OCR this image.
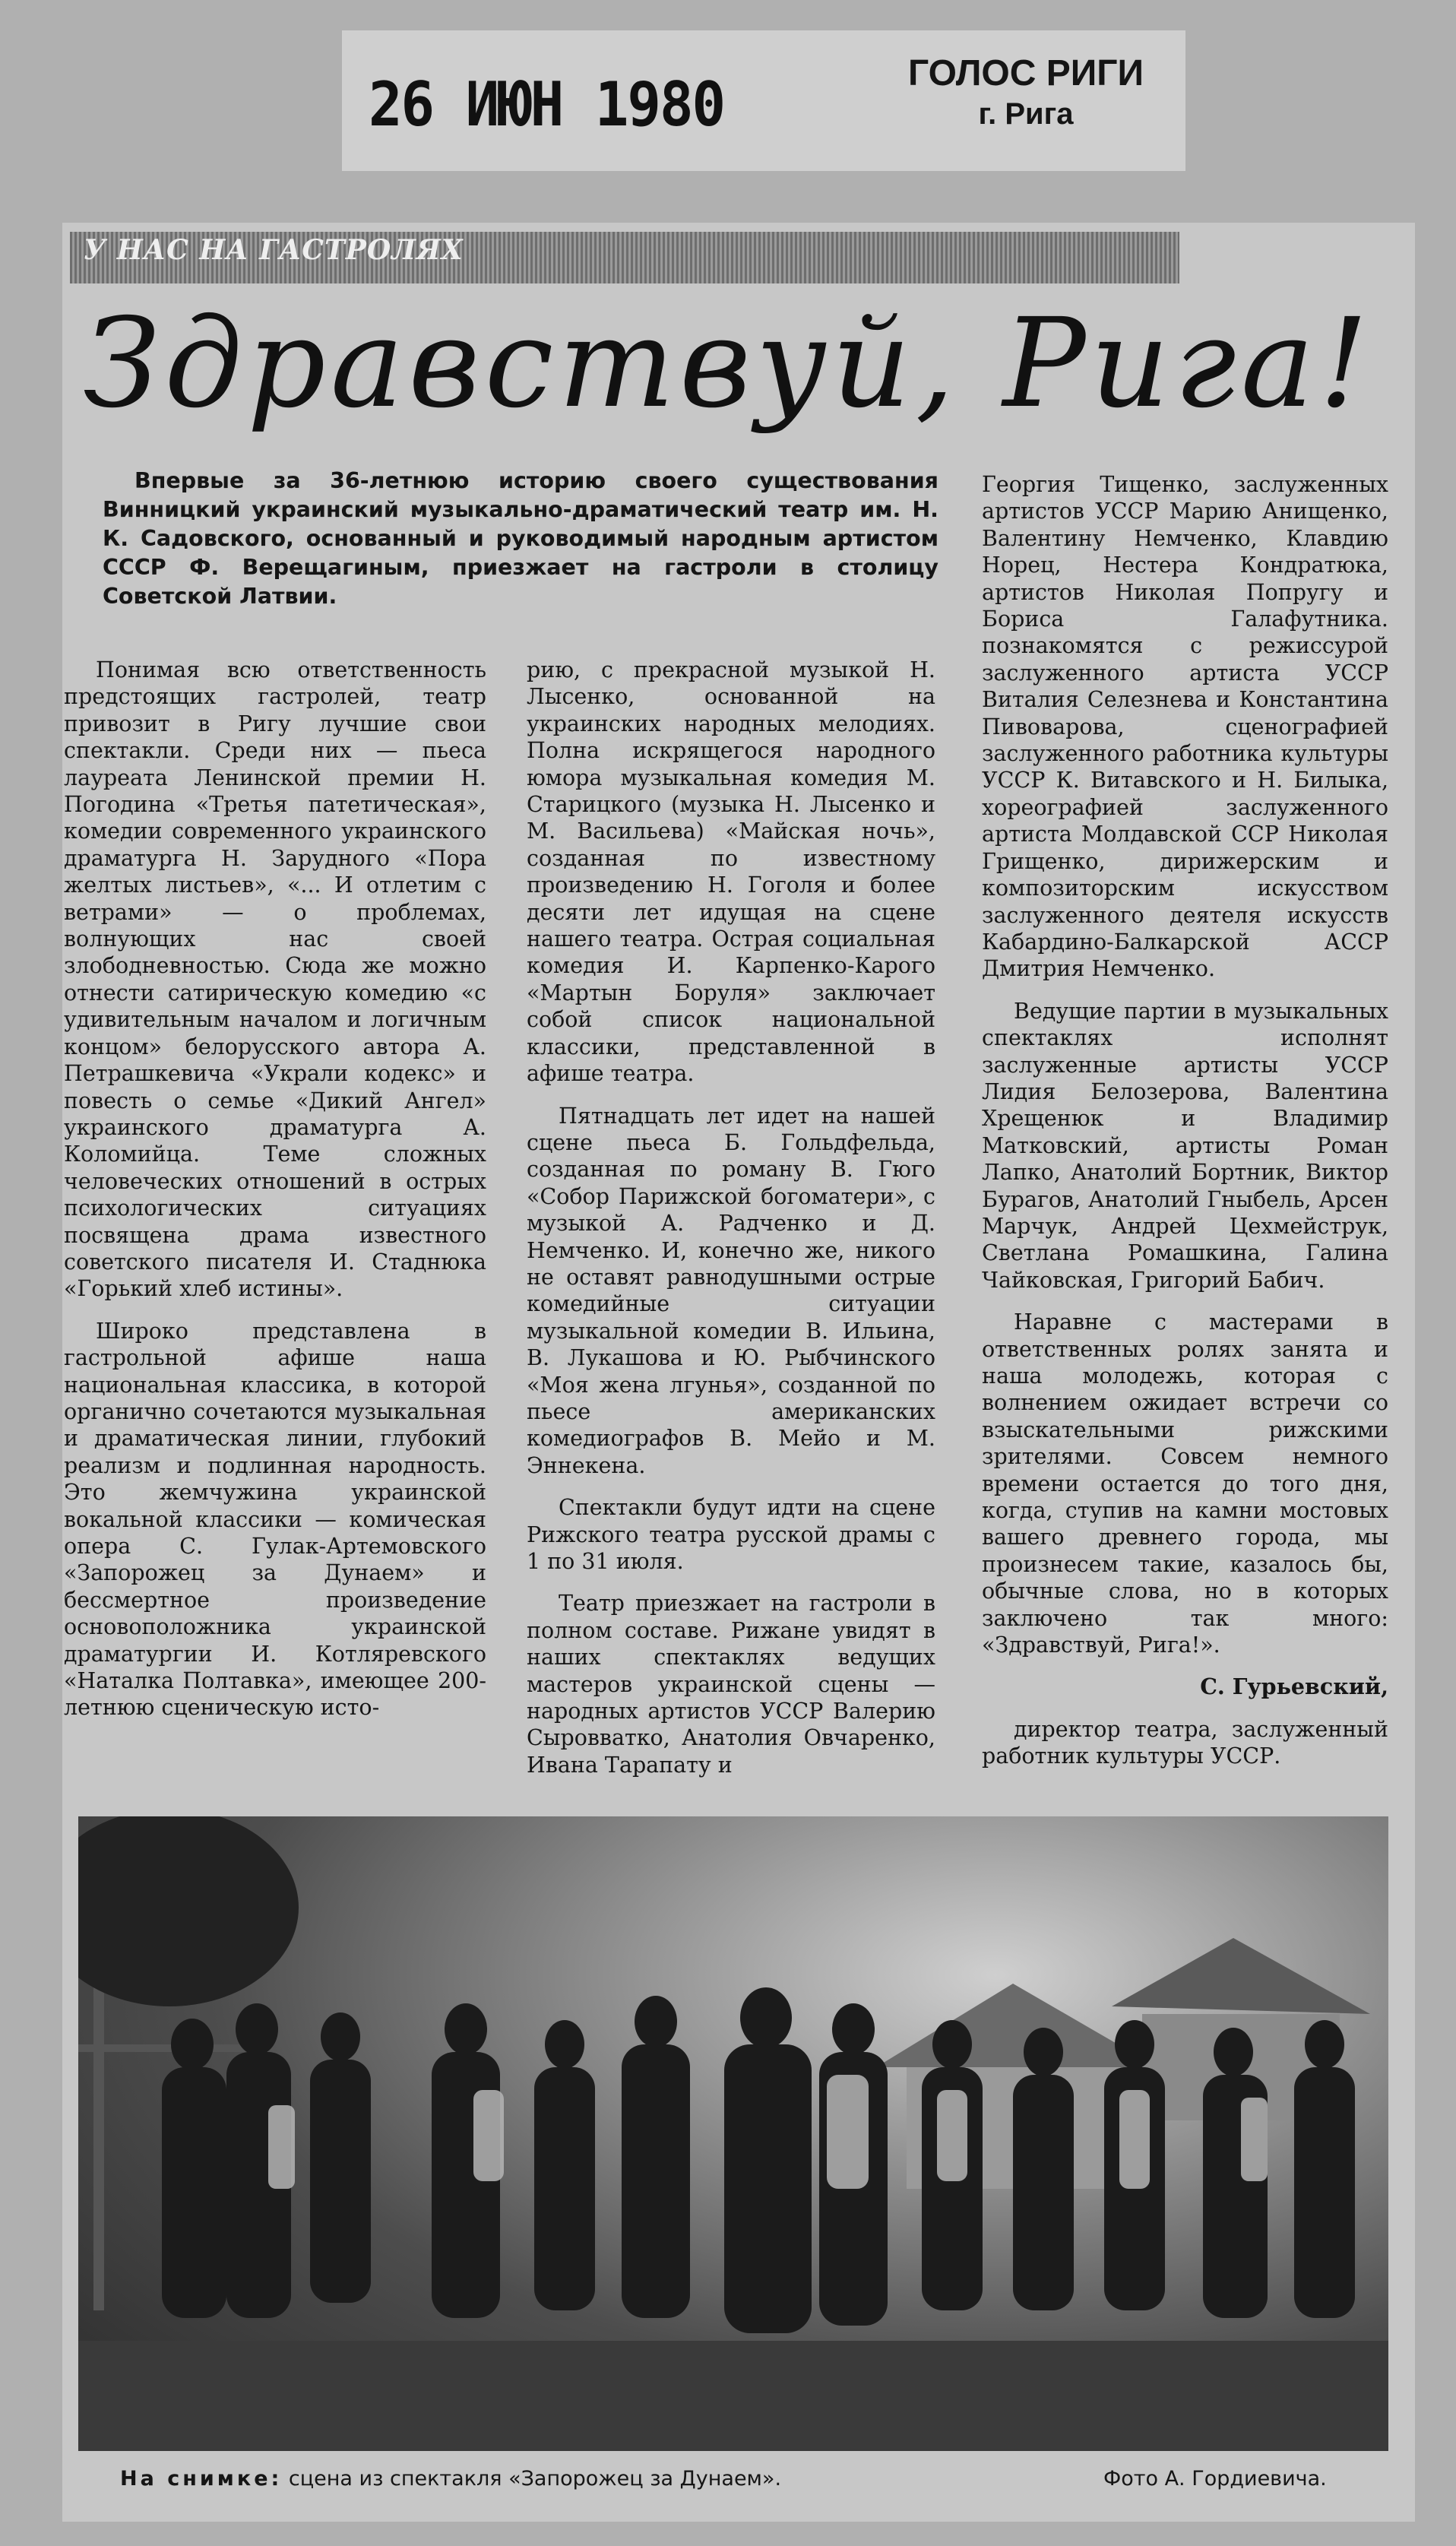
26 ИЮН 1980	ГОЛОС РИГИ
г. Рига
У НАС НА ГАСТРОЛЯХ
Здравствуй, Рига!
Впервые за 36-летнюю историю своего существования Винницкий украинский музыкально-драматический театр им. Н. К. Садовского, основанный и руководимый народным артистом СССР Ф. Верещагиным, приезжает на гастроли в столицу Советской Латвии.

Понимая всю ответственность предстоящих гастролей, театр привозит в Ригу лучшие свои спектакли. Среди них — пьеса лауреата Ленинской премии Н. Погодина «Третья патетическая», комедии современного украинского драматурга Н. Зарудного «Пора желтых листьев», «... И отлетим с ветрами» — о проблемах, волнующих нас своей злободневностью. Сюда же можно отнести сатирическую комедию «с удивительным началом и логичным концом» белорусского автора А. Петрашкевича «Украли кодекс» и повесть о семье «Дикий Ангел» украинского драматурга А. Коломийца. Теме сложных человеческих отношений в острых психологических ситуациях посвящена драма известного советского писателя И. Стаднюка «Горький хлеб истины».

Широко представлена в гастрольной афише наша национальная классика, в которой органично сочетаются музыкальная и драматическая линии, глубокий реализм и подлинная народность. Это жемчужина украинской вокальной классики — комическая опера С. Гулак-Артемовского «Запорожец за Дунаем» и бессмертное произведение основоположника украинской драматургии И. Котляревского «Наталка Полтавка», имеющее 200-летнюю сценическую исто-

рию, с прекрасной музыкой Н. Лысенко, основанной на украинских народных мелодиях. Полна искрящегося народного юмора музыкальная комедия М. Старицкого (музыка Н. Лысенко и М. Васильева) «Майская ночь», созданная по известному произведению Н. Гоголя и более десяти лет идущая на сцене нашего театра. Острая социальная комедия И. Карпенко-Карого «Мартын Боруля» заключает собой список национальной классики, представленной в афише театра.

Пятнадцать лет идет на нашей сцене пьеса Б. Гольдфельда, созданная по роману В. Гюго «Собор Парижской богоматери», с музыкой А. Радченко и Д. Немченко. И, конечно же, никого не оставят равнодушными острые комедийные ситуации музыкальной комедии В. Ильина, В. Лукашова и Ю. Рыбчинского «Моя жена лгунья», созданной по пьесе американских комедиографов В. Мейо и М. Эннекена.

Спектакли будут идти на сцене Рижского театра русской драмы с 1 по 31 июля.

Театр приезжает на гастроли в полном составе. Рижане увидят в наших спектаклях ведущих мастеров украинской сцены — народных артистов УССР Валерию Сыровватко, Анатолия Овчаренко, Ивана Тарапату и

Георгия Тищенко, заслуженных артистов УССР Марию Анищенко, Валентину Немченко, Клавдию Норец, Нестера Кондратюка, артистов Николая Попругу и Бориса Галафутника. познакомятся с режиссурой заслуженного артиста УССР Виталия Селезнева и Константина Пивоварова, сценографией заслуженного работника культуры УССР К. Витавского и Н. Билыка, хореографией заслуженного артиста Молдавской ССР Николая Грищенко, дирижерским и композиторским искусством заслуженного деятеля искусств Кабардино-Балкарской АССР Дмитрия Немченко.

Ведущие партии в музыкальных спектаклях исполнят заслуженные артисты УССР Лидия Белозерова, Валентина Хрещенюк и Владимир Матковский, артисты Роман Лапко, Анатолий Бортник, Виктор Бурагов, Анатолий Гныбель, Арсен Марчук, Андрей Цехмейструк, Светлана Ромашкина, Галина Чайковская, Григорий Бабич.

Наравне с мастерами в ответственных ролях занята и наша молодежь, которая с волнением ожидает встречи со взыскательными рижскими зрителями. Совсем немного времени остается до того дня, когда, ступив на камни мостовых вашего древнего города, мы произнесем такие, казалось бы, обычные слова, но в которых заключено так много: «Здравствуй, Рига!».

С. Гурьевский,

директор театра, заслуженный работник культуры УССР.

На снимке: сцена из спектакля «Запорожец за Дунаем».	Фото А. Гордиевича.
